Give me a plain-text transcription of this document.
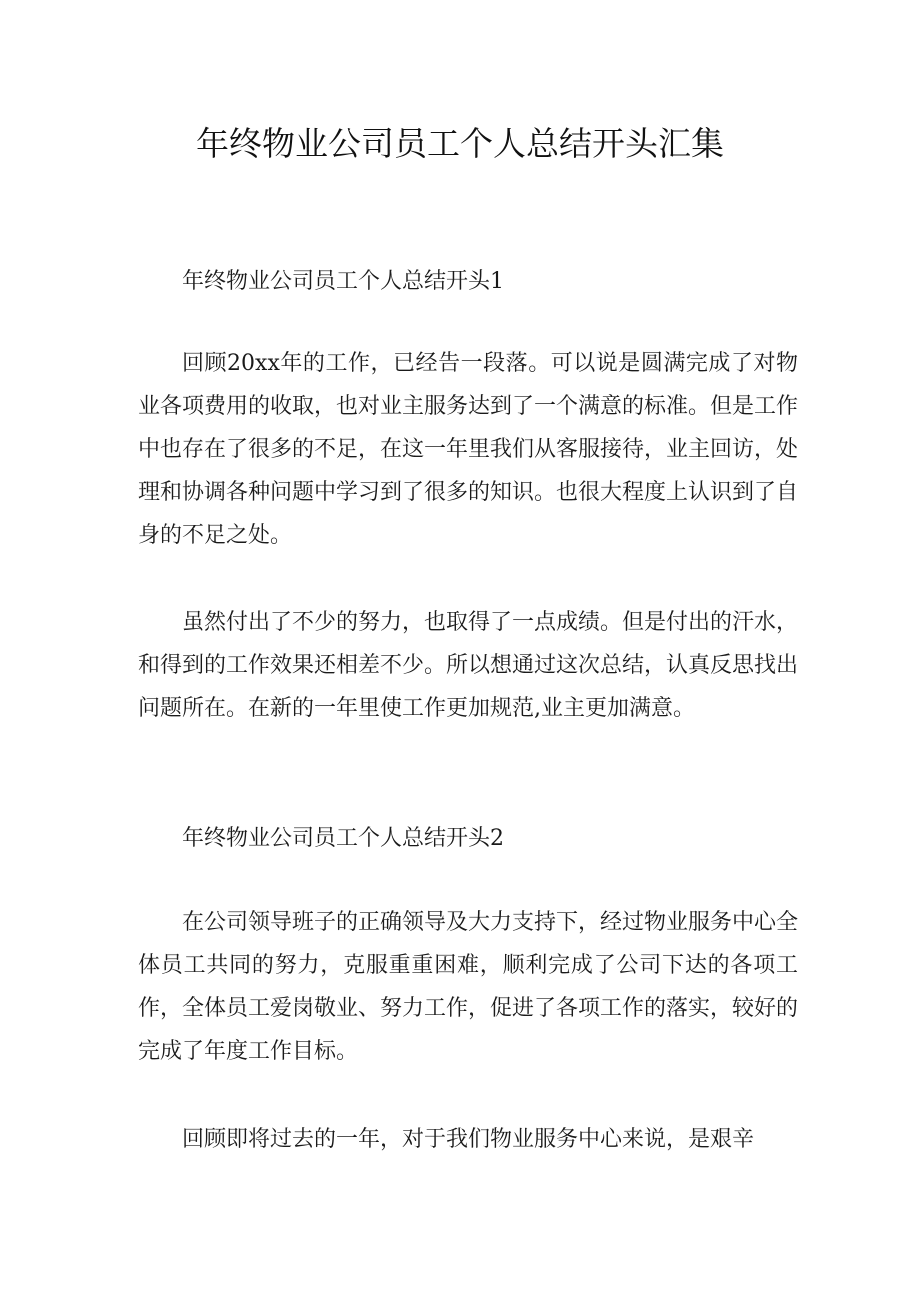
年终物业公司员工个人总结开头汇集

年终物业公司员工个人总结开头1

回顾20xx年的工作，已经告一段落。可以说是圆满完成了对物业各项费用的收取，也对业主服务达到了一个满意的标准。但是工作中也存在了很多的不足，在这一年里我们从客服接待，业主回访，处理和协调各种问题中学习到了很多的知识。也很大程度上认识到了自身的不足之处。

虽然付出了不少的努力，也取得了一点成绩。但是付出的汗水，和得到的工作效果还相差不少。所以想通过这次总结，认真反思找出问题所在。在新的一年里使工作更加规范,业主更加满意。

年终物业公司员工个人总结开头2

在公司领导班子的正确领导及大力支持下，经过物业服务中心全体员工共同的努力，克服重重困难，顺利完成了公司下达的各项工作，全体员工爱岗敬业、努力工作，促进了各项工作的落实，较好的完成了年度工作目标。

回顾即将过去的一年，对于我们物业服务中心来说，是艰辛
